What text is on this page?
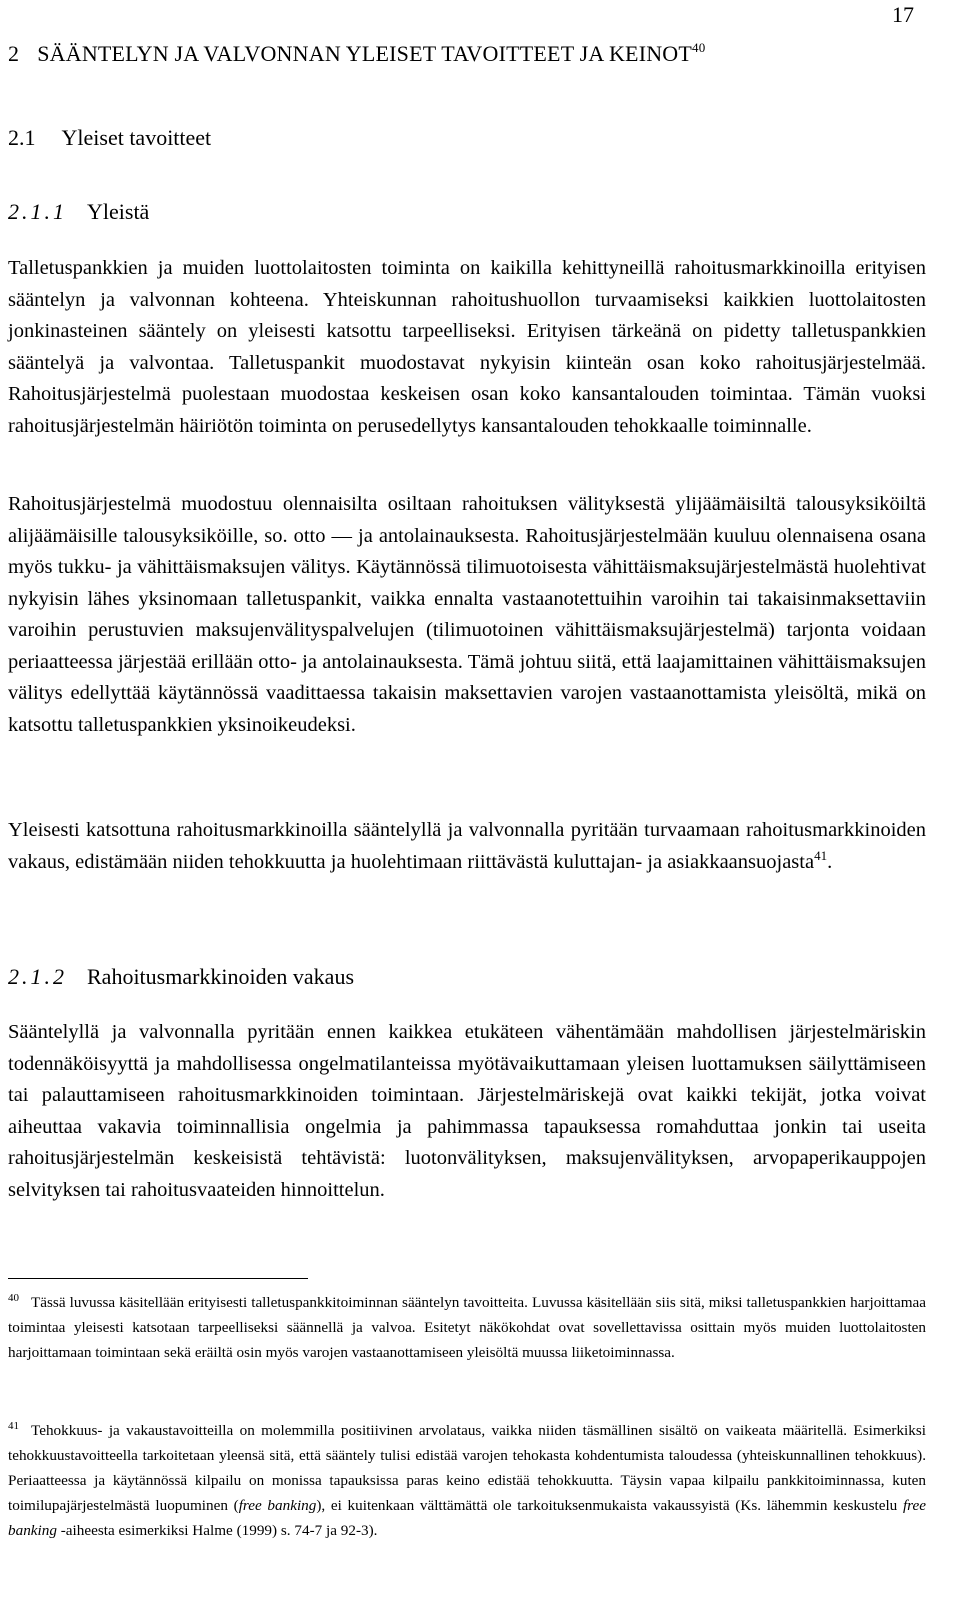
17
2 SÄÄNTELYN JA VALVONNAN YLEISET TAVOITTEET JA KEINOT$^{40}$
2.1 Yleiset tavoitteet
2.1.1 Yleistä

Talletuspankkien ja muiden luottolaitosten toiminta on kaikilla kehittyneillä rahoitusmarkkinoilla erityisen sääntelyn ja valvonnan kohteena. Yhteiskunnan rahoitushuollon turvaamiseksi kaikkien luottolaitosten jonkinasteinen sääntely on yleisesti katsottu tarpeelliseksi. Erityisen tärkeänä on pidetty talletuspankkien sääntelyä ja valvontaa. Talletuspankit muodostavat nykyisin kiinteän osan koko rahoitusjärjestelmää. Rahoitusjärjestelmä puolestaan muodostaa keskeisen osan koko kansantalouden toimintaa. Tämän vuoksi rahoitusjärjestelmän häiriötön toiminta on perusedellytys kansantalouden tehokkaalle toiminnalle.

Rahoitusjärjestelmä muodostuu olennaisilta osiltaan rahoituksen välityksestä ylijäämäisiltä talousyksiköiltä alijäämäisille talousyksiköille, so. otto — ja antolainauksesta. Rahoitusjärjestelmään kuuluu olennaisena osana myös tukku- ja vähittäismaksujen välitys. Käytännössä tilimuotoisesta vähittäismaksujärjestelmästä huolehtivat nykyisin lähes yksinomaan talletuspankit, vaikka ennalta vastaanotettuihin varoihin tai takaisinmaksettaviin varoihin perustuvien maksujenvälityspalvelujen (tilimuotoinen vähittäismaksujärjestelmä) tarjonta voidaan periaatteessa järjestää erillään otto- ja antolainauksesta. Tämä johtuu siitä, että laajamittainen vähittäismaksujen välitys edellyttää käytännössä vaadittaessa takaisin maksettavien varojen vastaanottamista yleisöltä, mikä on katsottu talletuspankkien yksinoikeudeksi.

Yleisesti katsottuna rahoitusmarkkinoilla sääntelyllä ja valvonnalla pyritään turvaamaan rahoitusmarkkinoiden vakaus, edistämään niiden tehokkuutta ja huolehtimaan riittävästä kuluttajan- ja asiakkaansuojasta$^{41}$.

2.1.2 Rahoitusmarkkinoiden vakaus

Sääntelyllä ja valvonnalla pyritään ennen kaikkea etukäteen vähentämään mahdollisen järjestelmäriskin todennäköisyyttä ja mahdollisessa ongelmatilanteissa myötävaikuttamaan yleisen luottamuksen säilyttämiseen tai palauttamiseen rahoitusmarkkinoiden toimintaan. Järjestelmäriskejä ovat kaikki tekijät, jotka voivat aiheuttaa vakavia toiminnallisia ongelmia ja pahimmassa tapauksessa romahduttaa jonkin tai useita rahoitusjärjestelmän keskeisistä tehtävistä: luotonvälityksen, maksujenvälityksen, arvopaperikauppojen selvityksen tai rahoitusvaateiden hinnoittelun.

$^{40}$ Tässä luvussa käsitellään erityisesti talletuspankkitoiminnan sääntelyn tavoitteita. Luvussa käsitellään siis sitä, miksi talletuspankkien harjoittamaa toimintaa yleisesti katsotaan tarpeelliseksi säännellä ja valvoa. Esitetyt näkökohdat ovat sovellettavissa osittain myös muiden luottolaitosten harjoittamaan toimintaan sekä eräiltä osin myös varojen vastaanottamiseen yleisöltä muussa liiketoiminnassa.

$^{41}$ Tehokkuus- ja vakaustavoitteilla on molemmilla positiivinen arvolataus, vaikka niiden täsmällinen sisältö on vaikeata määritellä. Esimerkiksi tehokkuustavoitteella tarkoitetaan yleensä sitä, että sääntely tulisi edistää varojen tehokasta kohdentumista taloudessa (yhteiskunnallinen tehokkuus). Periaatteessa ja käytännössä kilpailu on monissa tapauksissa paras keino edistää tehokkuutta. Täysin vapaa kilpailu pankkitoiminnassa, kuten toimilupajärjestelmästä luopuminen (free banking), ei kuitenkaan välttämättä ole tarkoituksenmukaista vakaussyistä (Ks. lähemmin keskustelu free banking -aiheesta esimerkiksi Halme (1999) s. 74-7 ja 92-3).
